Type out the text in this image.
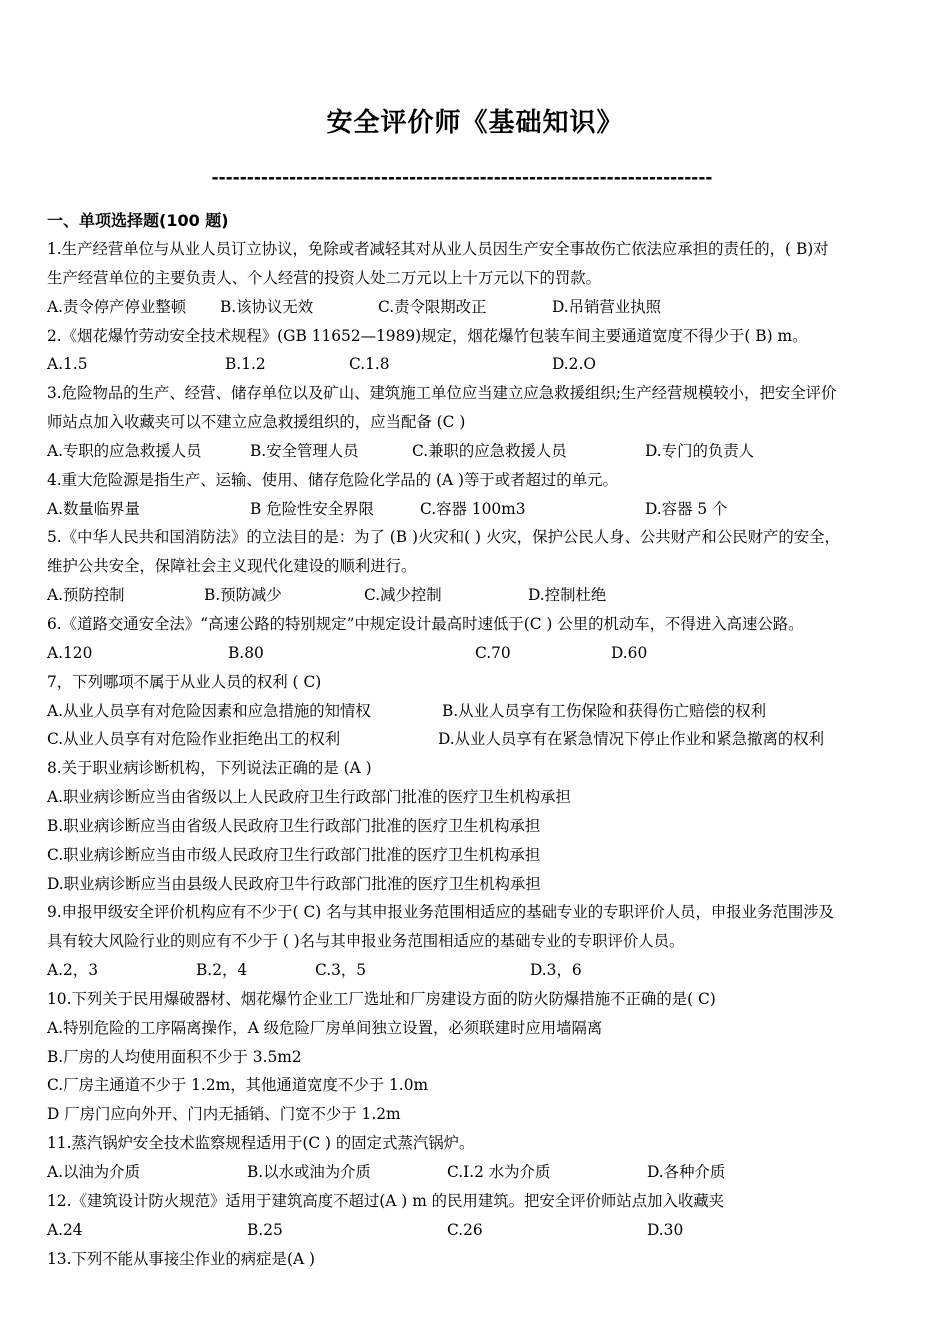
安全评价师《基础知识》
-----------------------------------------------------------------------
一、单项选择题(100 题)
1.生产经营单位与从业人员订立协议，免除或者减轻其对从业人员因生产安全事故伤亡依法应承担的责任的，( B)对
生产经营单位的主要负责人、个人经营的投资人处二万元以上十万元以下的罚款。
A.责令停产停业整顿 B.该协议无效	C.责令限期改正	D.吊销营业执照
2.《烟花爆竹劳动安全技术规程》(GB 11652—1989)规定，烟花爆竹包装车间主要通道宽度不得少于( B) m。
A.1.5	B.1.2	C.1.8	D.2.O
3.危险物品的生产、经营、储存单位以及矿山、建筑施工单位应当建立应急救援组织;生产经营规模较小，把安全评价
师站点加入收藏夹可以不建立应急救援组织的，应当配备 (C )
A.专职的应急救援人员	B.安全管理人员	C.兼职的应急救援人员	D.专门的负责人
4.重大危险源是指生产、运输、使用、储存危险化学品的 (A )等于或者超过的单元。
A.数量临界量	B 危险性安全界限	C.容器 100m3	D.容器 5 个
5.《中华人民共和国消防法》的立法目的是：为了 (B )火灾和( ) 火灾，保护公民人身、公共财产和公民财产的安全，
维护公共安全，保障社会主义现代化建设的顺利进行。
A.预防控制	B.预防减少	C.减少控制	D.控制杜绝
6.《道路交通安全法》“高速公路的特别规定”中规定设计最高时速低于(C ) 公里的机动车，不得进入高速公路。
A.120	B.80	C.70	D.60
7，下列哪项不属于从业人员的权利 ( C)
A.从业人员享有对危险因素和应急措施的知情权	B.从业人员享有工伤保险和获得伤亡赔偿的权利
C.从业人员享有对危险作业拒绝出工的权利	D.从业人员享有在紧急情况下停止作业和紧急撤离的权利
8.关于职业病诊断机构，下列说法正确的是 (A )
A.职业病诊断应当由省级以上人民政府卫生行政部门批准的医疗卫生机构承担
B.职业病诊断应当由省级人民政府卫生行政部门批准的医疗卫生机构承担
C.职业病诊断应当由市级人民政府卫生行政部门批准的医疗卫生机构承担
D.职业病诊断应当由县级人民政府卫牛行政部门批准的医疗卫生机构承担
9.申报甲级安全评价机构应有不少于( C) 名与其申报业务范围相适应的基础专业的专职评价人员，申报业务范围涉及
具有较大风险行业的则应有不少于 ( )名与其申报业务范围相适应的基础专业的专职评价人员。
A.2，3	B.2，4	C.3，5	D.3，6
10.下列关于民用爆破器材、烟花爆竹企业工厂选址和厂房建设方面的防火防爆措施不正确的是( C)
A.特别危险的工序隔离操作，A 级危险厂房单间独立设置，必须联建时应用墙隔离
B.厂房的人均使用面积不少于 3.5m2
C.厂房主通道不少于 1.2m，其他通道宽度不少于 1.0m
D 厂房门应向外开、门内无插销、门宽不少于 1.2m
11.蒸汽锅炉安全技术监察规程适用于(C ) 的固定式蒸汽锅炉。
A.以油为介质	B.以水或油为介质	C.I.2 水为介质	D.各种介质
12.《建筑设计防火规范》适用于建筑高度不超过(A ) m 的民用建筑。把安全评价师站点加入收藏夹
A.24	B.25	C.26	D.30
13.下列不能从事接尘作业的病症是(A )
